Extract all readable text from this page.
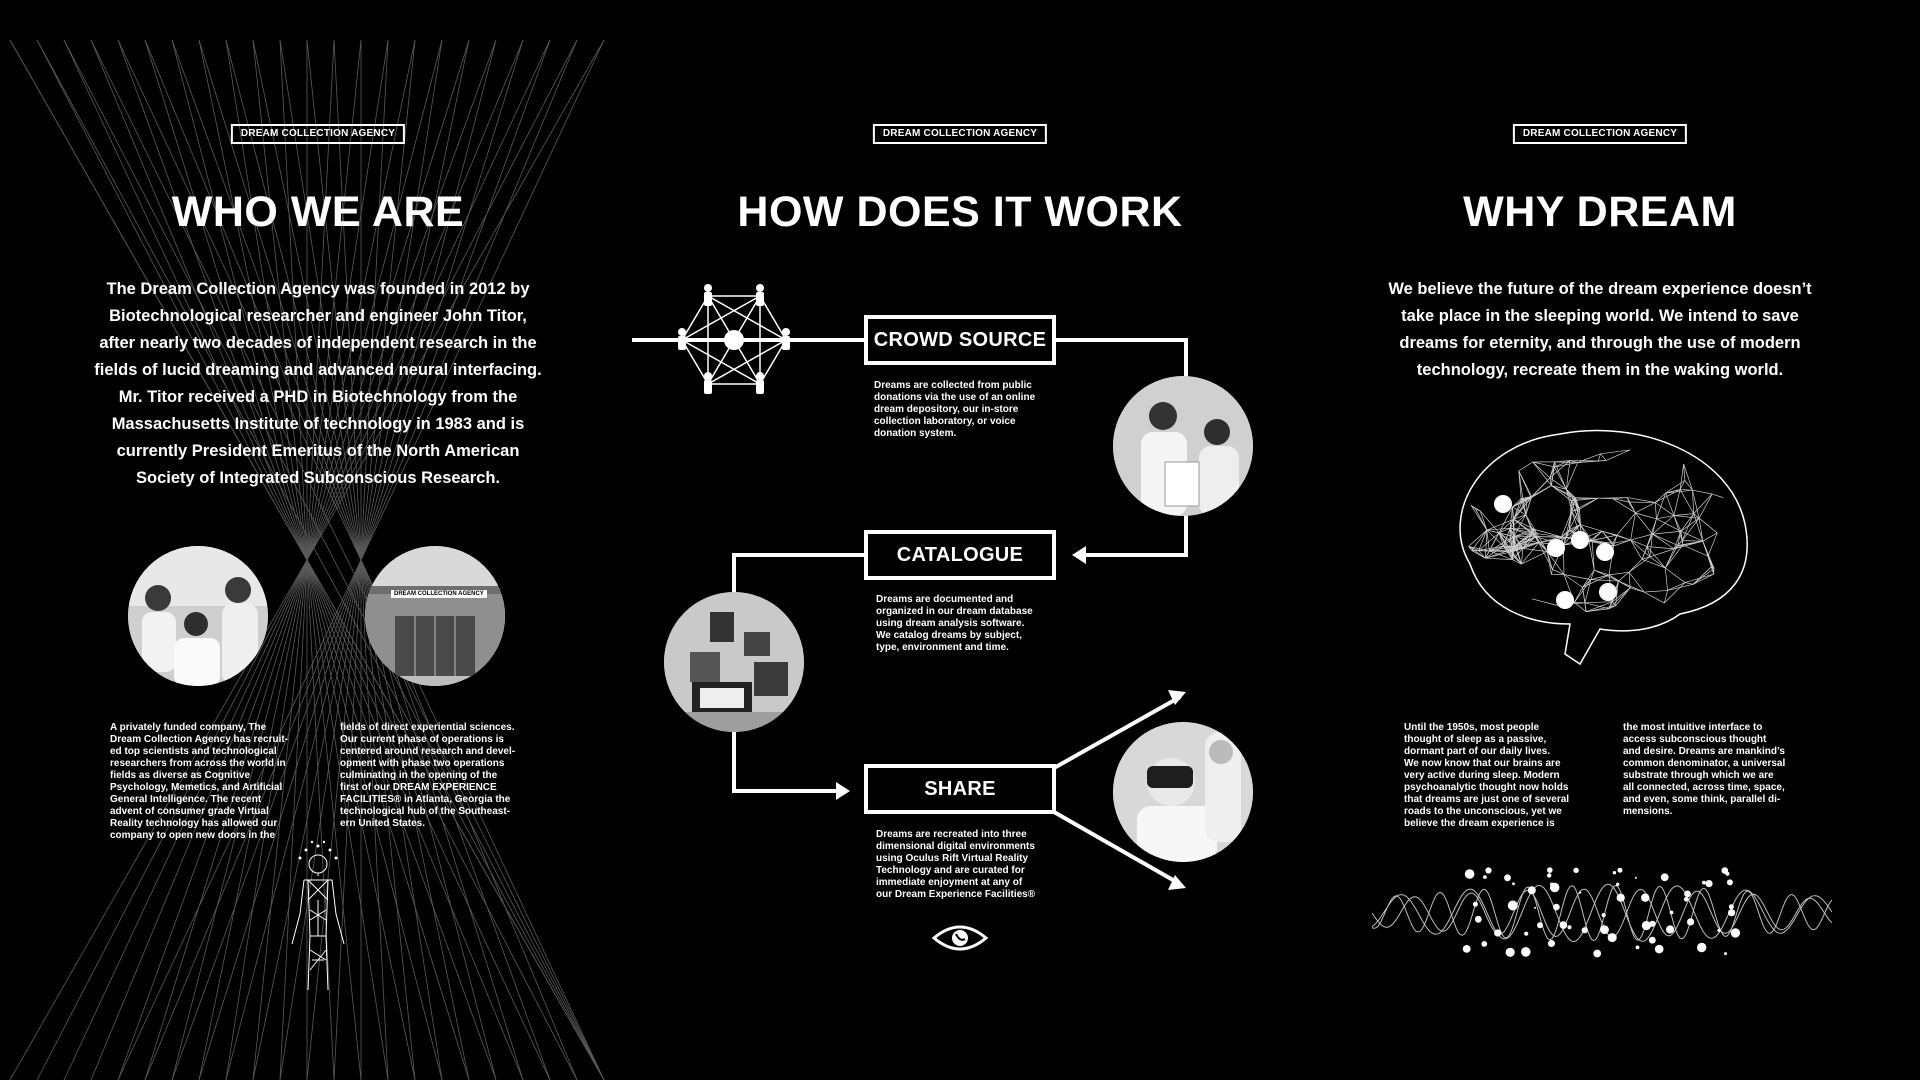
DREAM COLLECTION AGENCY
WHO WE ARE
The Dream Collection Agency was founded in 2012 by
Biotechnological researcher and engineer John Titor,
after nearly two decades of independent research in the
fields of lucid dreaming and advanced neural interfacing.
Mr. Titor received a PHD in Biotechnology from the
Massachusetts Institute of technology in 1983 and is
currently President Emeritus of the North American
Society of Integrated Subconscious Research.
DREAM COLLECTION AGENCY
A privately funded company, The
Dream Collection Agency has recruit-
ed top scientists and technological
researchers from across the world in
fields as diverse as Cognitive
Psychology, Memetics, and Artificial
General Intelligence. The recent
advent of consumer grade Virtual
Reality technology has allowed our
company to open new doors in the
fields of direct experiential sciences.
Our current phase of operations is
centered around research and devel-
opment with phase two operations
culminating in the opening of the
first of our DREAM EXPERIENCE
FACILITIES® in Atlanta, Georgia the
technological hub of the Southeast-
ern United States.
DREAM COLLECTION AGENCY
HOW DOES IT WORK
CROWD SOURCE
Dreams are collected from public
donations via the use of an online
dream depository, our in-store
collection laboratory, or voice
donation system.
CATALOGUE
Dreams are documented and
organized in our dream database
using dream analysis software.
We catalog dreams by subject,
type, environment and time.
SHARE
Dreams are recreated into three
dimensional digital environments
using Oculus Rift Virtual Reality
Technology and are curated for
immediate enjoyment at any of
our Dream Experience Facilities®
DREAM COLLECTION AGENCY
WHY DREAM
We believe the future of the dream experience doesn’t
take place in the sleeping world. We intend to save
dreams for eternity, and through the use of modern
technology, recreate them in the waking world.
Until the 1950s, most people
thought of sleep as a passive,
dormant part of our daily lives.
We now know that our brains are
very active during sleep. Modern
psychoanalytic thought now holds
that dreams are just one of several
roads to the unconscious, yet we
believe the dream experience is
the most intuitive interface to
access subconscious thought
and desire. Dreams are mankind’s
common denominator, a universal
substrate through which we are
all connected, across time, space,
and even, some think, parallel di-
mensions.
